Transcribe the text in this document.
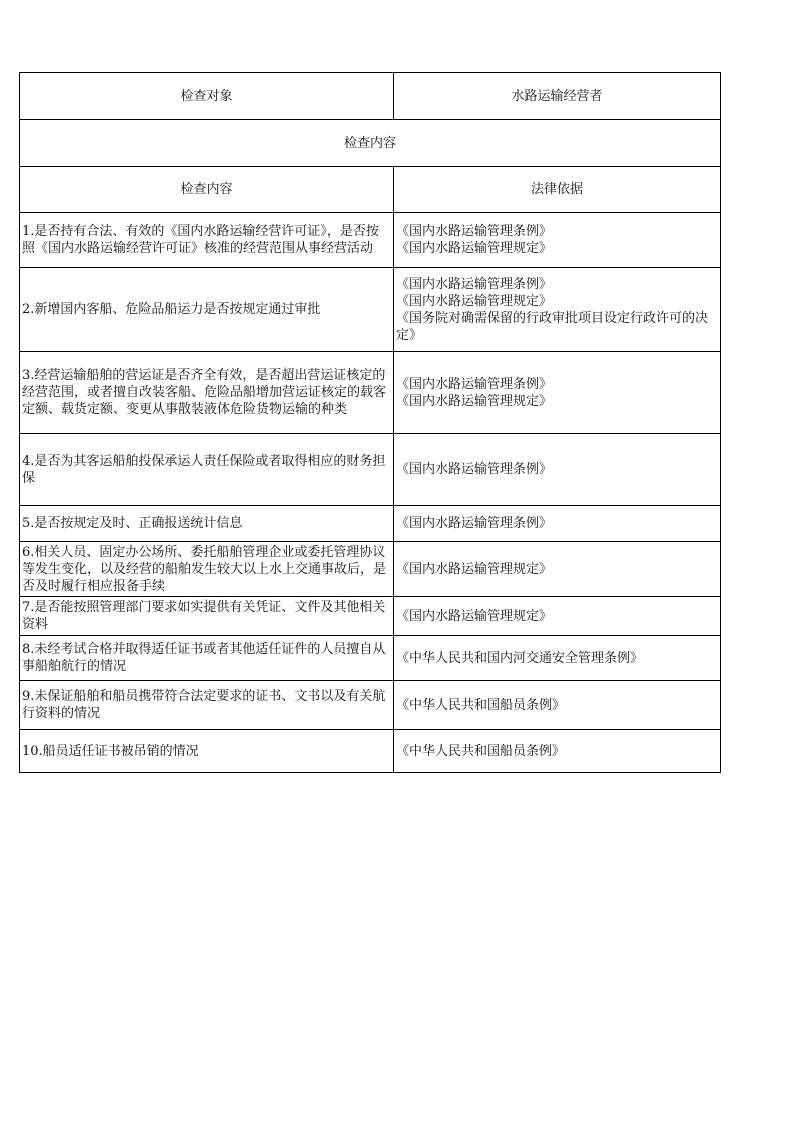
检查对象	水路运输经营者
检查内容	
检查内容	法律依据
1.是否持有合法、有效的《国内水路运输经营许可证》，是否按照《国内水路运输经营许可证》核准的经营范围从事经营活动	《国内水路运输管理条例》
《国内水路运输管理规定》

2.新增国内客船、危险品船运力是否按规定通过审批	《国内水路运输管理条例》
《国内水路运输管理规定》
《国务院对确需保留的行政审批项目设定行政许可的决定》

3.经营运输船舶的营运证是否齐全有效，是否超出营运证核定的经营范围，或者擅自改装客船、危险品船增加营运证核定的载客定额、载货定额、变更从事散装液体危险货物运输的种类	《国内水路运输管理条例》
《国内水路运输管理规定》

4.是否为其客运船舶投保承运人责任保险或者取得相应的财务担保	《国内水路运输管理条例》

5.是否按规定及时、正确报送统计信息	《国内水路运输管理条例》

6.相关人员、固定办公场所、委托船舶管理企业或委托管理协议等发生变化，以及经营的船舶发生较大以上水上交通事故后，是否及时履行相应报备手续	《国内水路运输管理规定》

7.是否能按照管理部门要求如实提供有关凭证、文件及其他相关资料	《国内水路运输管理规定》

8.未经考试合格并取得适任证书或者其他适任证件的人员擅自从事船舶航行的情况	《中华人民共和国内河交通安全管理条例》

9.未保证船舶和船员携带符合法定要求的证书、文书以及有关航行资料的情况	《中华人民共和国船员条例》

10.船员适任证书被吊销的情况	《中华人民共和国船员条例》
